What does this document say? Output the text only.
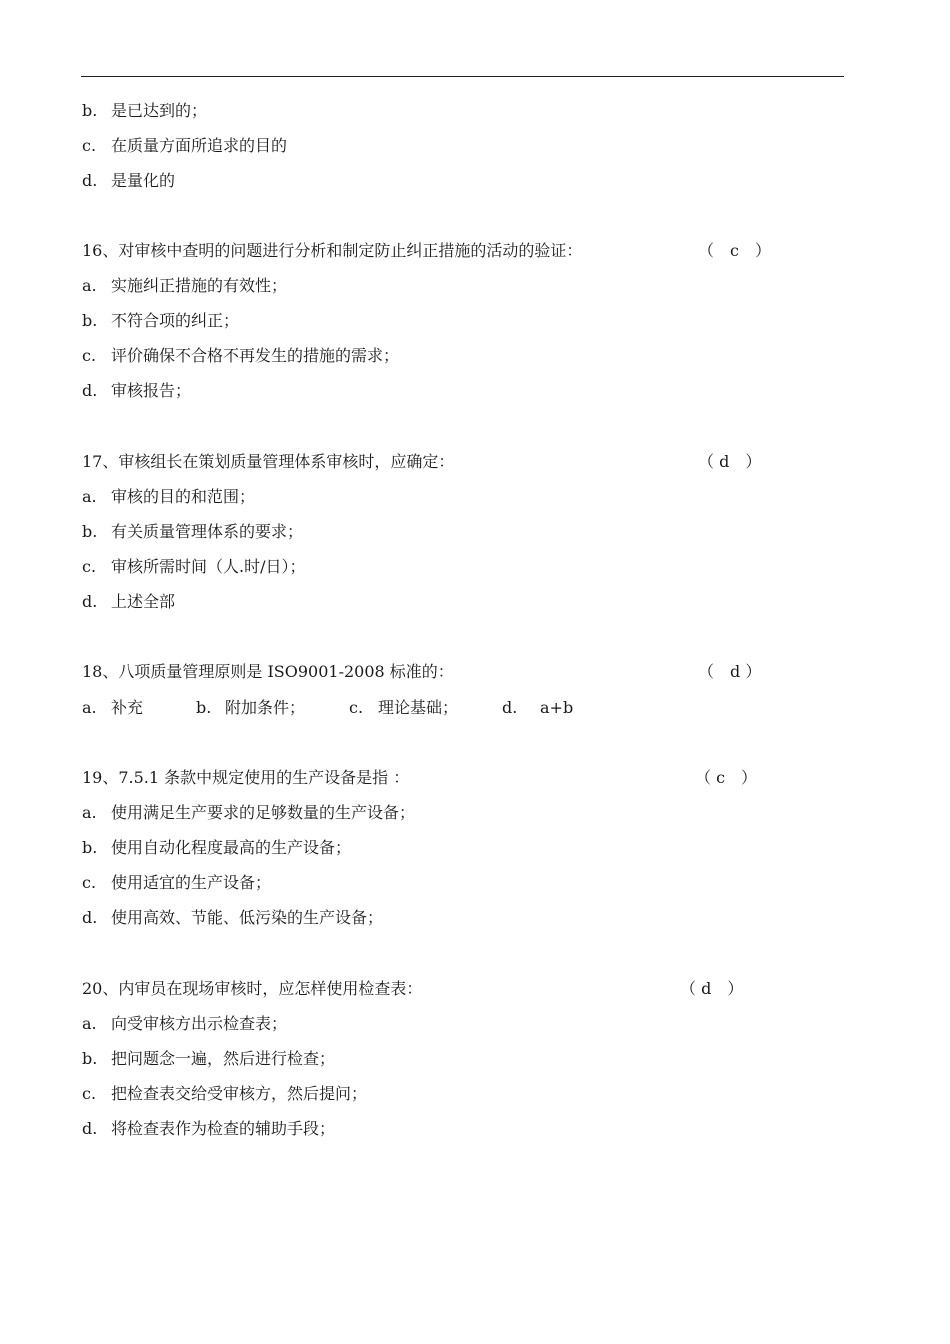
b. 是已达到的；
c. 在质量方面所追求的目的
d. 是量化的
16、对审核中查明的问题进行分析和制定防止纠正措施的活动的验证：	（　c　）
a. 实施纠正措施的有效性；
b. 不符合项的纠正；
c. 评价确保不合格不再发生的措施的需求；
d. 审核报告；
17、审核组长在策划质量管理体系审核时，应确定：	（ d　）
a. 审核的目的和范围；
b. 有关质量管理体系的要求；
c. 审核所需时间（人.时/日）；
d. 上述全部
18、八项质量管理原则是 ISO9001-2008 标准的：	（　d ）
a. 补充	b. 附加条件；	c. 理论基础；	d. a+b
19、7.5.1 条款中规定使用的生产设备是指 ：	（ c　）
a. 使用满足生产要求的足够数量的生产设备；
b. 使用自动化程度最高的生产设备；
c. 使用适宜的生产设备；
d. 使用高效、节能、低污染的生产设备；
20、内审员在现场审核时，应怎样使用检查表：	（ d　）
a. 向受审核方出示检查表；
b. 把问题念一遍，然后进行检查；
c. 把检查表交给受审核方，然后提问；
d. 将检查表作为检查的辅助手段；
